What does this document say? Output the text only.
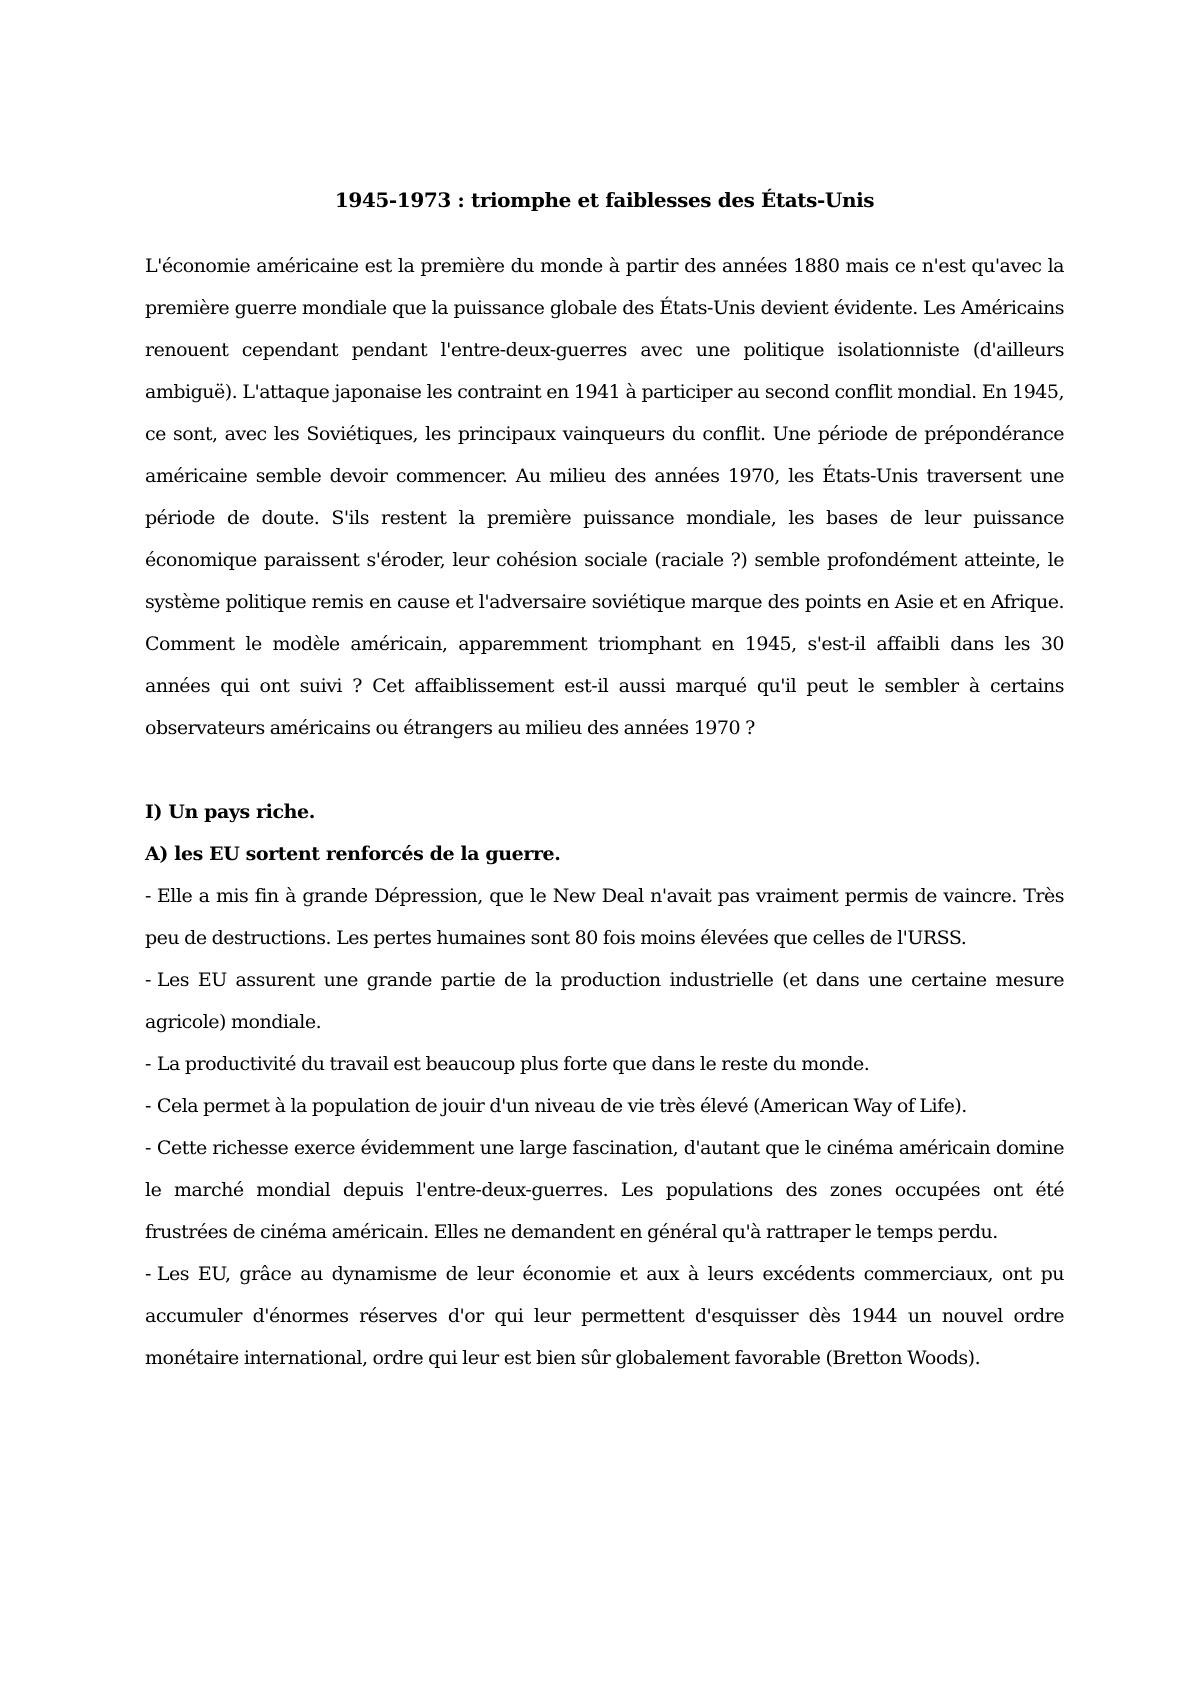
1945-1973 : triomphe et faiblesses des États-Unis

L'économie américaine est la première du monde à partir des années 1880 mais ce n'est qu'avec la première guerre mondiale que la puissance globale des États-Unis devient évidente. Les Américains renouent cependant pendant l'entre-deux-guerres avec une politique isolationniste (d'ailleurs ambiguë). L'attaque japonaise les contraint en 1941 à participer au second conflit mondial. En 1945, ce sont, avec les Soviétiques, les principaux vainqueurs du conflit. Une période de prépondérance américaine semble devoir commencer. Au milieu des années 1970, les États-Unis traversent une période de doute. S'ils restent la première puissance mondiale, les bases de leur puissance économique paraissent s'éroder, leur cohésion sociale (raciale ?) semble profondément atteinte, le système politique remis en cause et l'adversaire soviétique marque des points en Asie et en Afrique. Comment le modèle américain, apparemment triomphant en 1945, s'est-il affaibli dans les 30 années qui ont suivi ? Cet affaiblissement est-il aussi marqué qu'il peut le sembler à certains observateurs américains ou étrangers au milieu des années 1970 ?

I) Un pays riche.

A) les EU sortent renforcés de la guerre.

- Elle a mis fin à grande Dépression, que le New Deal n'avait pas vraiment permis de vaincre. Très peu de destructions. Les pertes humaines sont 80 fois moins élevées que celles de l'URSS.

- Les EU assurent une grande partie de la production industrielle (et dans une certaine mesure agricole) mondiale.

- La productivité du travail est beaucoup plus forte que dans le reste du monde.

- Cela permet à la population de jouir d'un niveau de vie très élevé (American Way of Life).

- Cette richesse exerce évidemment une large fascination, d'autant que le cinéma américain domine le marché mondial depuis l'entre-deux-guerres. Les populations des zones occupées ont été frustrées de cinéma américain. Elles ne demandent en général qu'à rattraper le temps perdu.

- Les EU, grâce au dynamisme de leur économie et aux à leurs excédents commerciaux, ont pu accumuler d'énormes réserves d'or qui leur permettent d'esquisser dès 1944 un nouvel ordre monétaire international, ordre qui leur est bien sûr globalement favorable (Bretton Woods).
